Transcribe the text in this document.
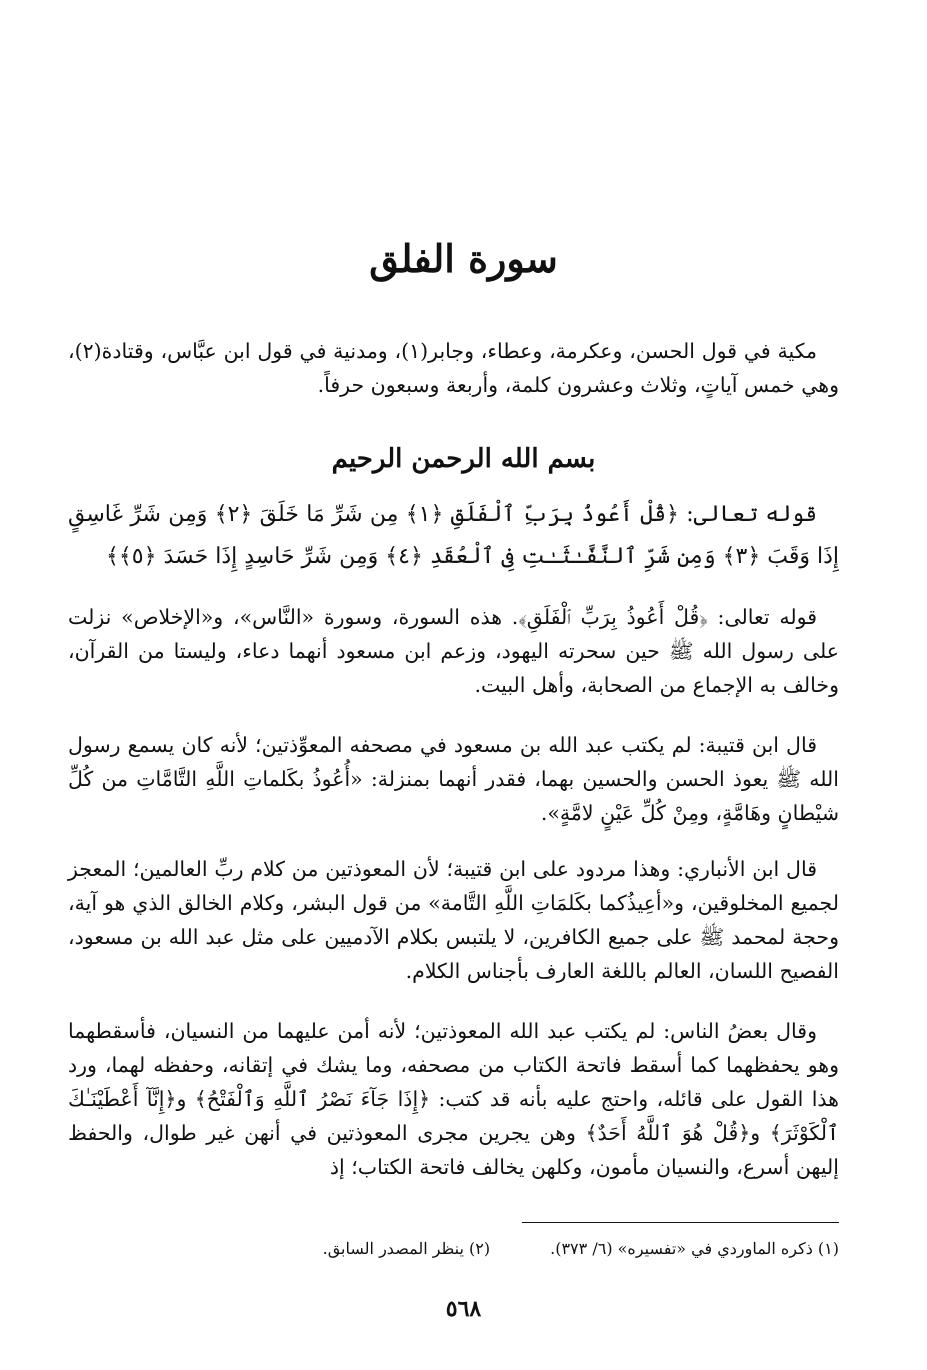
سورة الفلق

مكية في قول الحسن، وعكرمة، وعطاء، وجابر(١)، ومدنية في قول ابن عبَّاس، وقتادة(٢)، وهي خمس آياتٍ، وثلاث وعشرون كلمة، وأربعة وسبعون حرفاً.

بسم الله الرحمن الرحيم

قوله تعالى: ﴿قُلْ أَعُوذُ بِرَبِّ ٱلْفَلَقِ ﴿١﴾ مِن شَرِّ مَا خَلَقَ ﴿٢﴾ وَمِن شَرِّ غَاسِقٍ إِذَا وَقَبَ ﴿٣﴾ وَمِن شَرِّ ٱلنَّفَّـٰثَـٰتِ فِى ٱلْعُقَدِ ﴿٤﴾ وَمِن شَرِّ حَاسِدٍ إِذَا حَسَدَ ﴿٥﴾﴾

قوله تعالى: ﴿قُلْ أَعُوذُ بِرَبِّ ٱلْفَلَقِ﴾. هذه السورة، وسورة «النَّاس»، و«الإخلاص» نزلت على رسول الله ﷺ حين سحرته اليهود، وزعم ابن مسعود أنهما دعاء، وليستا من القرآن، وخالف به الإجماع من الصحابة، وأهل البيت.

قال ابن قتيبة: لم يكتب عبد الله بن مسعود في مصحفه المعوِّذتين؛ لأنه كان يسمع رسول الله ﷺ يعوذ الحسن والحسين بهما، فقدر أنهما بمنزلة: «أُعُوذُ بكَلماتِ اللَّهِ التَّامَّاتِ من كُلِّ شيْطانٍ وهَامَّةٍ، ومِنْ كُلِّ عَيْنٍ لامَّةٍ».

قال ابن الأنباري: وهذا مردود على ابن قتيبة؛ لأن المعوذتين من كلام ربِّ العالمين؛ المعجز لجميع المخلوقين، و«أعِيذُكما بكَلمَاتِ اللَّهِ التَّامة» من قول البشر، وكلام الخالق الذي هو آية، وحجة لمحمد ﷺ على جميع الكافرين، لا يلتبس بكلام الآدميين على مثل عبد الله بن مسعود، الفصيح اللسان، العالم باللغة العارف بأجناس الكلام.

وقال بعضُ الناس: لم يكتب عبد الله المعوذتين؛ لأنه أمن عليهما من النسيان، فأسقطهما وهو يحفظهما كما أسقط فاتحة الكتاب من مصحفه، وما يشك في إتقانه، وحفظه لهما، ورد هذا القول على قائله، واحتج عليه بأنه قد كتب: ﴿إِذَا جَآءَ نَصْرُ ٱللَّهِ وَٱلْفَتْحُ﴾ و﴿إِنَّآ أَعْطَيْنَـٰكَ ٱلْكَوْثَرَ﴾ و﴿قُلْ هُوَ ٱللَّهُ أَحَدٌ﴾ وهن يجرين مجرى المعوذتين في أنهن غير طوال، والحفظ إليهن أسرع، والنسيان مأمون، وكلهن يخالف فاتحة الكتاب؛ إذ

(١) ذكره الماوردي في «تفسيره» (٦/ ٣٧٣).
(٢) ينظر المصدر السابق.
٥٦٨
